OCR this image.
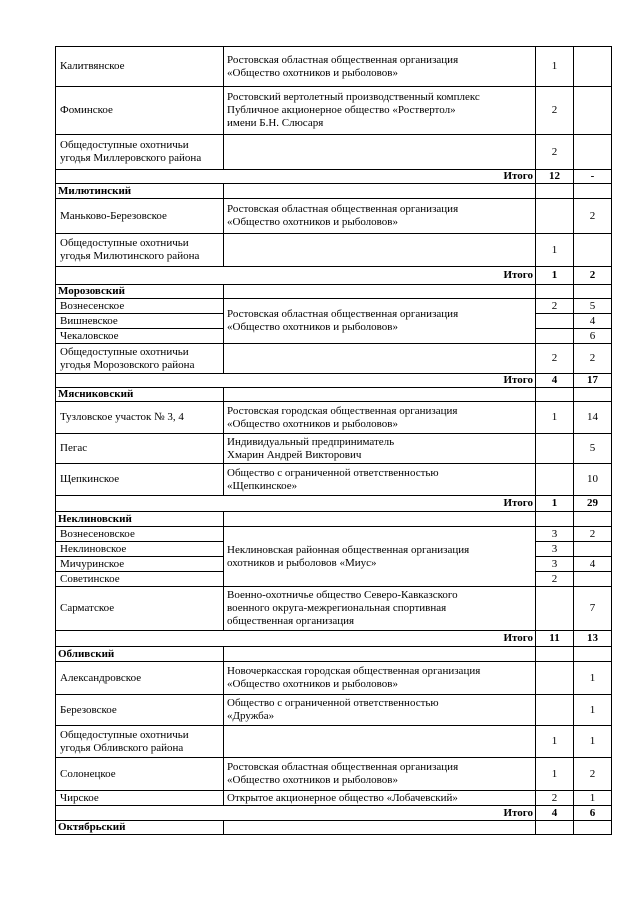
Калитвянское	Ростовская областная общественная организация
«Общество охотников и рыболовов»	1	
Фоминское	Ростовский вертолетный производственный комплекс
Публичное акционерное общество «Роствертол»
имени Б.Н. Слюсаря	2	
Общедоступные охотничьи
угодья Миллеровского района		2	
Итого		12	-
Милютинский			
Маньково-Березовское	Ростовская областная общественная организация
«Общество охотников и рыболовов»		2
Общедоступные охотничьи
угодья Милютинского района		1	
Итого		1	2
Морозовский			
Вознесенское	Ростовская областная общественная организация
«Общество охотников и рыболовов»	2	5
Вишневское			4
Чекаловское			6
Общедоступные охотничьи
угодья Морозовского района		2	2
Итого		4	17
Мясниковский			
Тузловское участок № 3, 4	Ростовская городская общественная организация
«Общество охотников и рыболовов»	1	14
Пегас	Индивидуальный предприниматель
Хмарин Андрей Викторович		5
Щепкинское	Общество с ограниченной ответственностью
«Щепкинское»		10
Итого		1	29
Неклиновский			
Вознесеновское	Неклиновская районная общественная организация
охотников и рыболовов «Миус»	3	2
Неклиновское		3	
Мичуринское		3	4
Советинское		2	
Сарматское	Военно-охотничье общество Северо-Кавказского
военного округа-межрегиональная спортивная
общественная организация		7
Итого		11	13
Обливский			
Александровское	Новочеркасская городская общественная организация
«Общество охотников и рыболовов»		1
Березовское	Общество с ограниченной ответственностью
«Дружба»		1
Общедоступные охотничьи
угодья Обливского района		1	1
Солонецкое	Ростовская областная общественная организация
«Общество охотников и рыболовов»	1	2
Чирское	Открытое акционерное общество «Лобачевский»	2	1
Итого		4	6
Октябрьский			
